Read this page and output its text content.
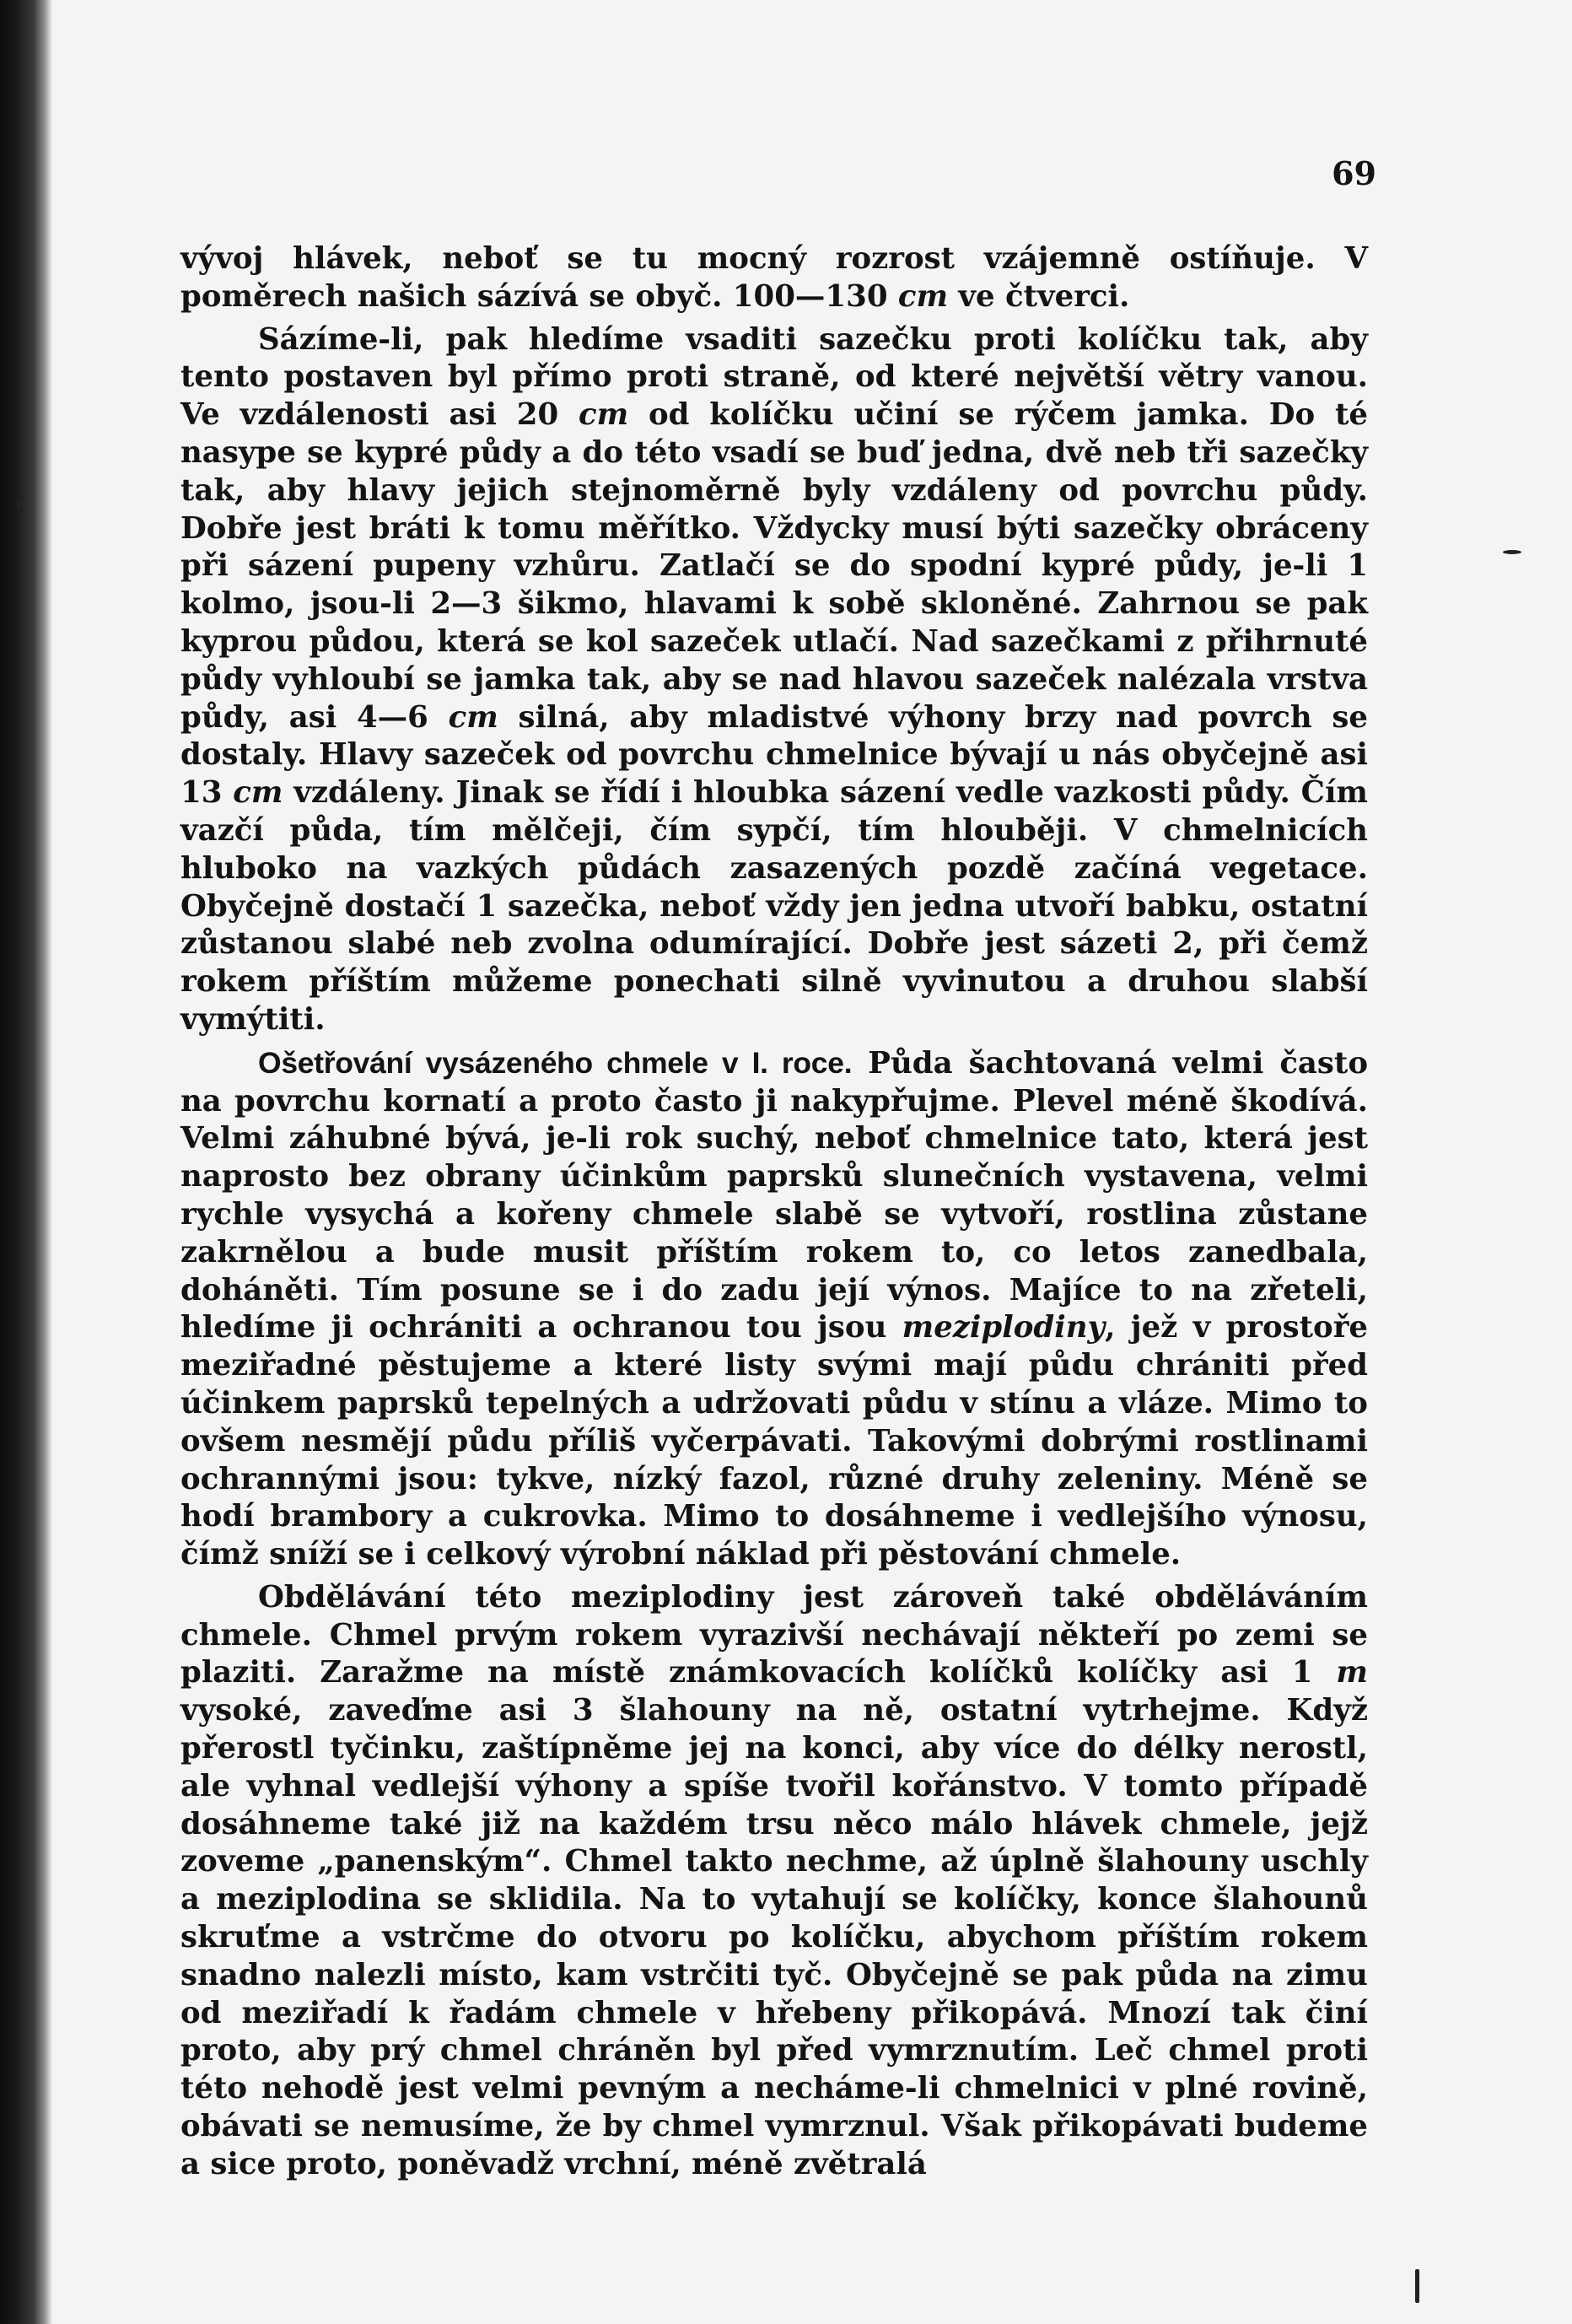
69

vývoj hlávek, neboť se tu mocný rozrost vzájemně ostíňuje. V poměrech našich sázívá se obyč. 100—130 cm ve čtverci.

Sázíme-li, pak hledíme vsaditi sazečku proti kolíčku tak, aby tento postaven byl přímo proti straně, od které největší větry vanou. Ve vzdálenosti asi 20 cm od kolíčku učiní se rýčem jamka. Do té nasype se kypré půdy a do této vsadí se buď jedna, dvě neb tři sazečky tak, aby hlavy jejich stejnoměrně byly vzdáleny od povrchu půdy. Dobře jest bráti k tomu měřítko. Vždycky musí býti sazečky obráceny při sázení pupeny vzhůru. Zatlačí se do spodní kypré půdy, je-li 1 kolmo, jsou-li 2—3 šikmo, hlavami k sobě skloněné. Zahrnou se pak kyprou půdou, která se kol sazeček utlačí. Nad sazečkami z přihrnuté půdy vyhloubí se jamka tak, aby se nad hlavou sazeček nalézala vrstva půdy, asi 4—6 cm silná, aby mladistvé výhony brzy nad povrch se dostaly. Hlavy sazeček od povrchu chmelnice bývají u nás obyčejně asi 13 cm vzdáleny. Jinak se řídí i hloubka sázení vedle vazkosti půdy. Čím vazčí půda, tím mělčeji, čím sypčí, tím hlouběji. V chmelnicích hluboko na vazkých půdách zasazených pozdě začíná vegetace. Obyčejně dostačí 1 sazečka, neboť vždy jen jedna utvoří babku, ostatní zůstanou slabé neb zvolna odumírající. Dobře jest sázeti 2, při čemž rokem příštím můžeme ponechati silně vyvinutou a druhou slabší vymýtiti.

Ošetřování vysázeného chmele v I. roce. Půda šachtovaná velmi často na povrchu kornatí a proto často ji nakypřujme. Plevel méně škodívá. Velmi záhubné bývá, je-li rok suchý, neboť chmelnice tato, která jest naprosto bez obrany účinkům paprsků slunečních vystavena, velmi rychle vysychá a kořeny chmele slabě se vytvoří, rostlina zůstane zakrnělou a bude musit příštím rokem to, co letos zanedbala, doháněti. Tím posune se i do zadu její výnos. Majíce to na zřeteli, hledíme ji ochrániti a ochranou tou jsou meziplodiny, jež v prostoře meziřadné pěstujeme a které listy svými mají půdu chrániti před účinkem paprsků tepelných a udržovati půdu v stínu a vláze. Mimo to ovšem nesmějí půdu příliš vyčerpávati. Takovými dobrými rostlinami ochrannými jsou: tykve, nízký fazol, různé druhy zeleniny. Méně se hodí brambory a cukrovka. Mimo to dosáhneme i vedlejšího výnosu, čímž sníží se i celkový výrobní náklad při pěstování chmele.

Obdělávání této meziplodiny jest zároveň také obděláváním chmele. Chmel prvým rokem vyrazivší nechávají někteří po zemi se plaziti. Zaražme na místě známkovacích kolíčků kolíčky asi 1 m vysoké, zaveďme asi 3 šlahouny na ně, ostatní vytrhejme. Když přerostl tyčinku, zaštípněme jej na konci, aby více do délky nerostl, ale vyhnal vedlejší výhony a spíše tvořil kořánstvo. V tomto případě dosáhneme také již na každém trsu něco málo hlávek chmele, jejž zoveme „panenským“. Chmel takto nechme, až úplně šlahouny uschly a meziplodina se sklidila. Na to vytahují se kolíčky, konce šlahounů skruťme a vstrčme do otvoru po kolíčku, abychom příštím rokem snadno nalezli místo, kam vstrčiti tyč. Obyčejně se pak půda na zimu od meziřadí k řadám chmele v hřebeny přikopává. Mnozí tak činí proto, aby prý chmel chráněn byl před vymrznutím. Leč chmel proti této nehodě jest velmi pevným a necháme-li chmelnici v plné rovině, obávati se nemusíme, že by chmel vymrznul. Však přikopávati budeme a sice proto, poněvadž vrchní, méně zvětralá
